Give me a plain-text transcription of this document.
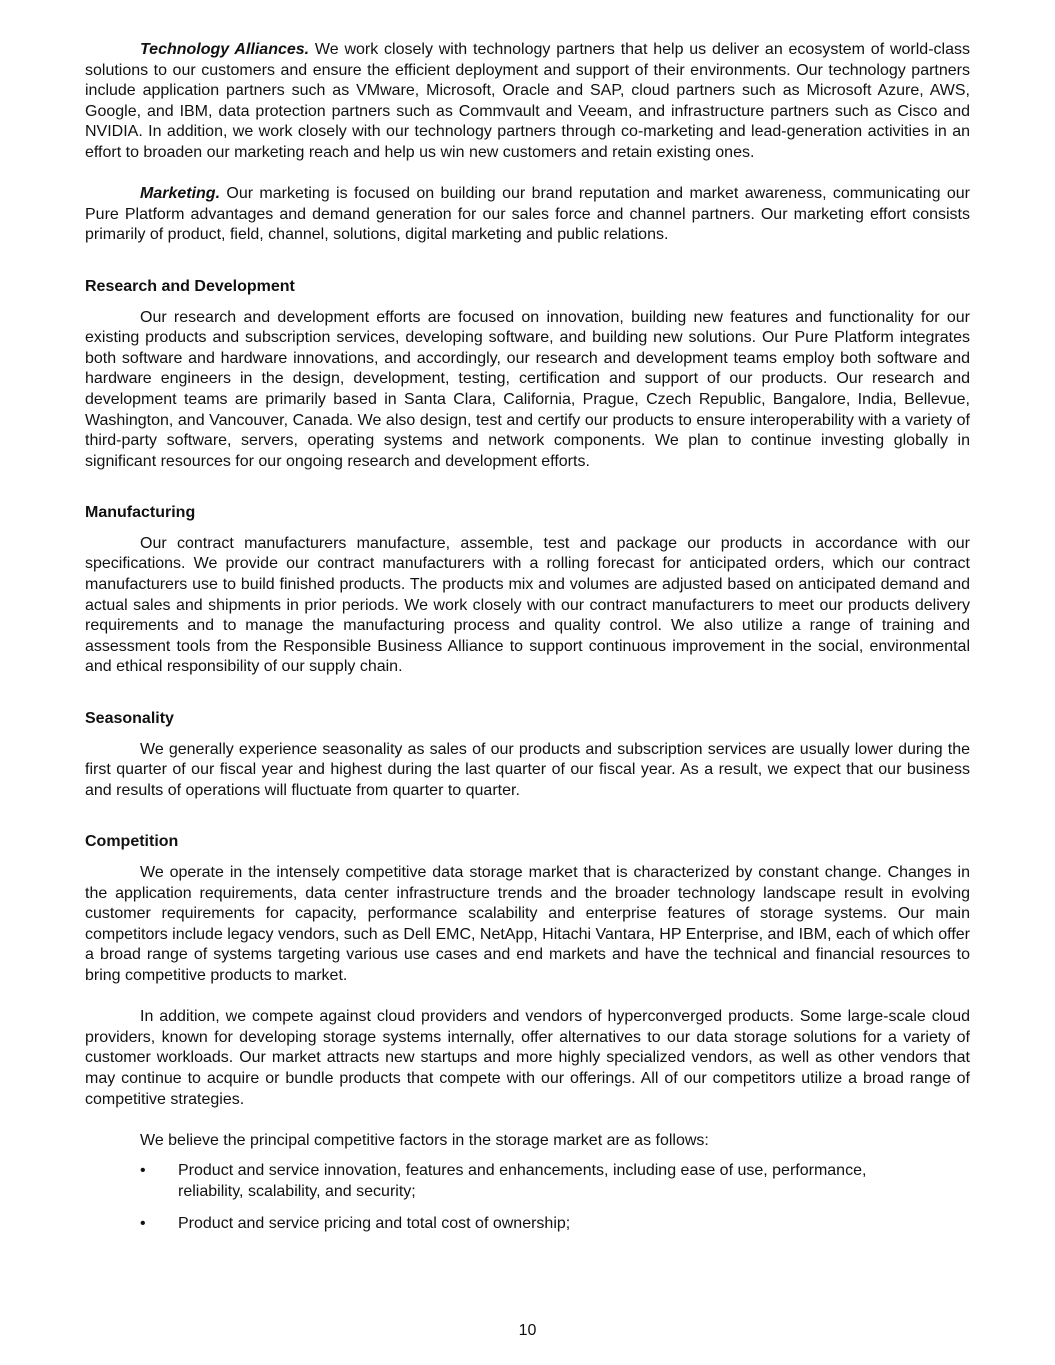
Technology Alliances. We work closely with technology partners that help us deliver an ecosystem of world-class solutions to our customers and ensure the efficient deployment and support of their environments. Our technology partners include application partners such as VMware, Microsoft, Oracle and SAP, cloud partners such as Microsoft Azure, AWS, Google, and IBM, data protection partners such as Commvault and Veeam, and infrastructure partners such as Cisco and NVIDIA. In addition, we work closely with our technology partners through co-marketing and lead-generation activities in an effort to broaden our marketing reach and help us win new customers and retain existing ones.

Marketing. Our marketing is focused on building our brand reputation and market awareness, communicating our Pure Platform advantages and demand generation for our sales force and channel partners. Our marketing effort consists primarily of product, field, channel, solutions, digital marketing and public relations.

Research and Development

Our research and development efforts are focused on innovation, building new features and functionality for our existing products and subscription services, developing software, and building new solutions. Our Pure Platform integrates both software and hardware innovations, and accordingly, our research and development teams employ both software and hardware engineers in the design, development, testing, certification and support of our products. Our research and development teams are primarily based in Santa Clara, California, Prague, Czech Republic, Bangalore, India, Bellevue, Washington, and Vancouver, Canada. We also design, test and certify our products to ensure interoperability with a variety of third-party software, servers, operating systems and network components. We plan to continue investing globally in significant resources for our ongoing research and development efforts.

Manufacturing

Our contract manufacturers manufacture, assemble, test and package our products in accordance with our specifications. We provide our contract manufacturers with a rolling forecast for anticipated orders, which our contract manufacturers use to build finished products. The products mix and volumes are adjusted based on anticipated demand and actual sales and shipments in prior periods. We work closely with our contract manufacturers to meet our products delivery requirements and to manage the manufacturing process and quality control. We also utilize a range of training and assessment tools from the Responsible Business Alliance to support continuous improvement in the social, environmental and ethical responsibility of our supply chain.

Seasonality

We generally experience seasonality as sales of our products and subscription services are usually lower during the first quarter of our fiscal year and highest during the last quarter of our fiscal year. As a result, we expect that our business and results of operations will fluctuate from quarter to quarter.

Competition

We operate in the intensely competitive data storage market that is characterized by constant change. Changes in the application requirements, data center infrastructure trends and the broader technology landscape result in evolving customer requirements for capacity, performance scalability and enterprise features of storage systems. Our main competitors include legacy vendors, such as Dell EMC, NetApp, Hitachi Vantara, HP Enterprise, and IBM, each of which offer a broad range of systems targeting various use cases and end markets and have the technical and financial resources to bring competitive products to market.

In addition, we compete against cloud providers and vendors of hyperconverged products. Some large-scale cloud providers, known for developing storage systems internally, offer alternatives to our data storage solutions for a variety of customer workloads. Our market attracts new startups and more highly specialized vendors, as well as other vendors that may continue to acquire or bundle products that compete with our offerings. All of our competitors utilize a broad range of competitive strategies.

We believe the principal competitive factors in the storage market are as follows:

• Product and service innovation, features and enhancements, including ease of use, performance, reliability, scalability, and security;
• Product and service pricing and total cost of ownership;
10
